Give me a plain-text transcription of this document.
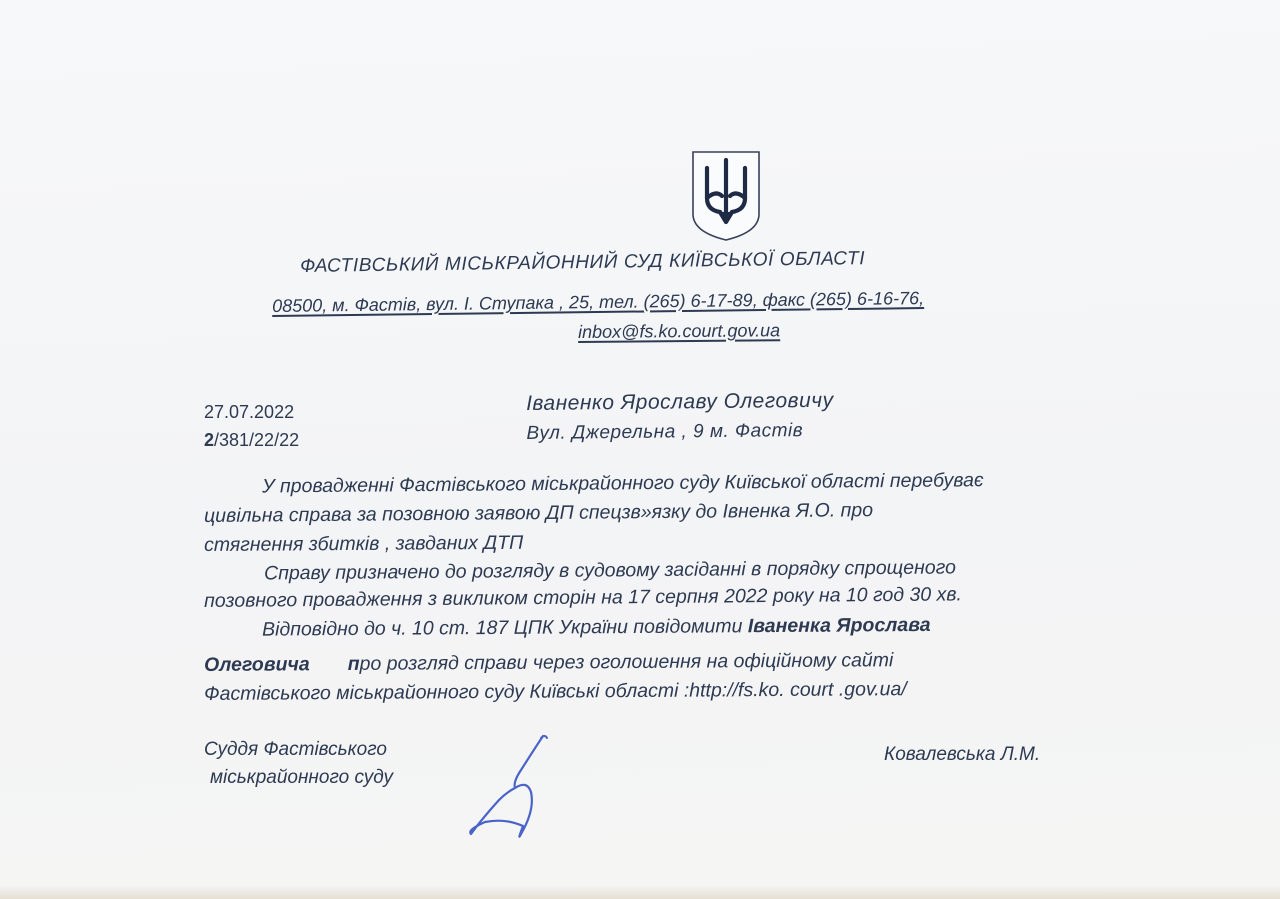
ФАСТІВСЬКИЙ МІСЬКРАЙОННИЙ СУД КИЇВСЬКОЇ ОБЛАСТІ

08500, м. Фастів, вул. І. Ступака , 25, тел. (265) 6-17-89, факс (265) 6-16-76,

inbox@fs.ko.court.gov.ua

27.07.2022
2/381/22/22
Іваненко Ярославу Олеговичу
Вул. Джерельна , 9 м. Фастів

У провадженні Фастівського міськрайонного суду Київської області перебуває

цивільна справа за позовною заявою ДП спецзв»язку до Івненка Я.О. про

стягнення збитків , завданих ДТП

Справу призначено до розгляду в судовому засіданні в порядку спрощеного

позовного провадження з викликом сторін на 17 серпня 2022 року на 10 год 30 хв.

Відповідно до ч. 10 ст. 187 ЦПК України повідомити Іваненка Ярослава

Олеговича про розгляд справи через оголошення на офіційному сайті

Фастівського міськрайонного суду Київські області :http://fs.ko. court .gov.ua/

Суддя Фастівського
міськрайонного суду
Ковалевська Л.М.
